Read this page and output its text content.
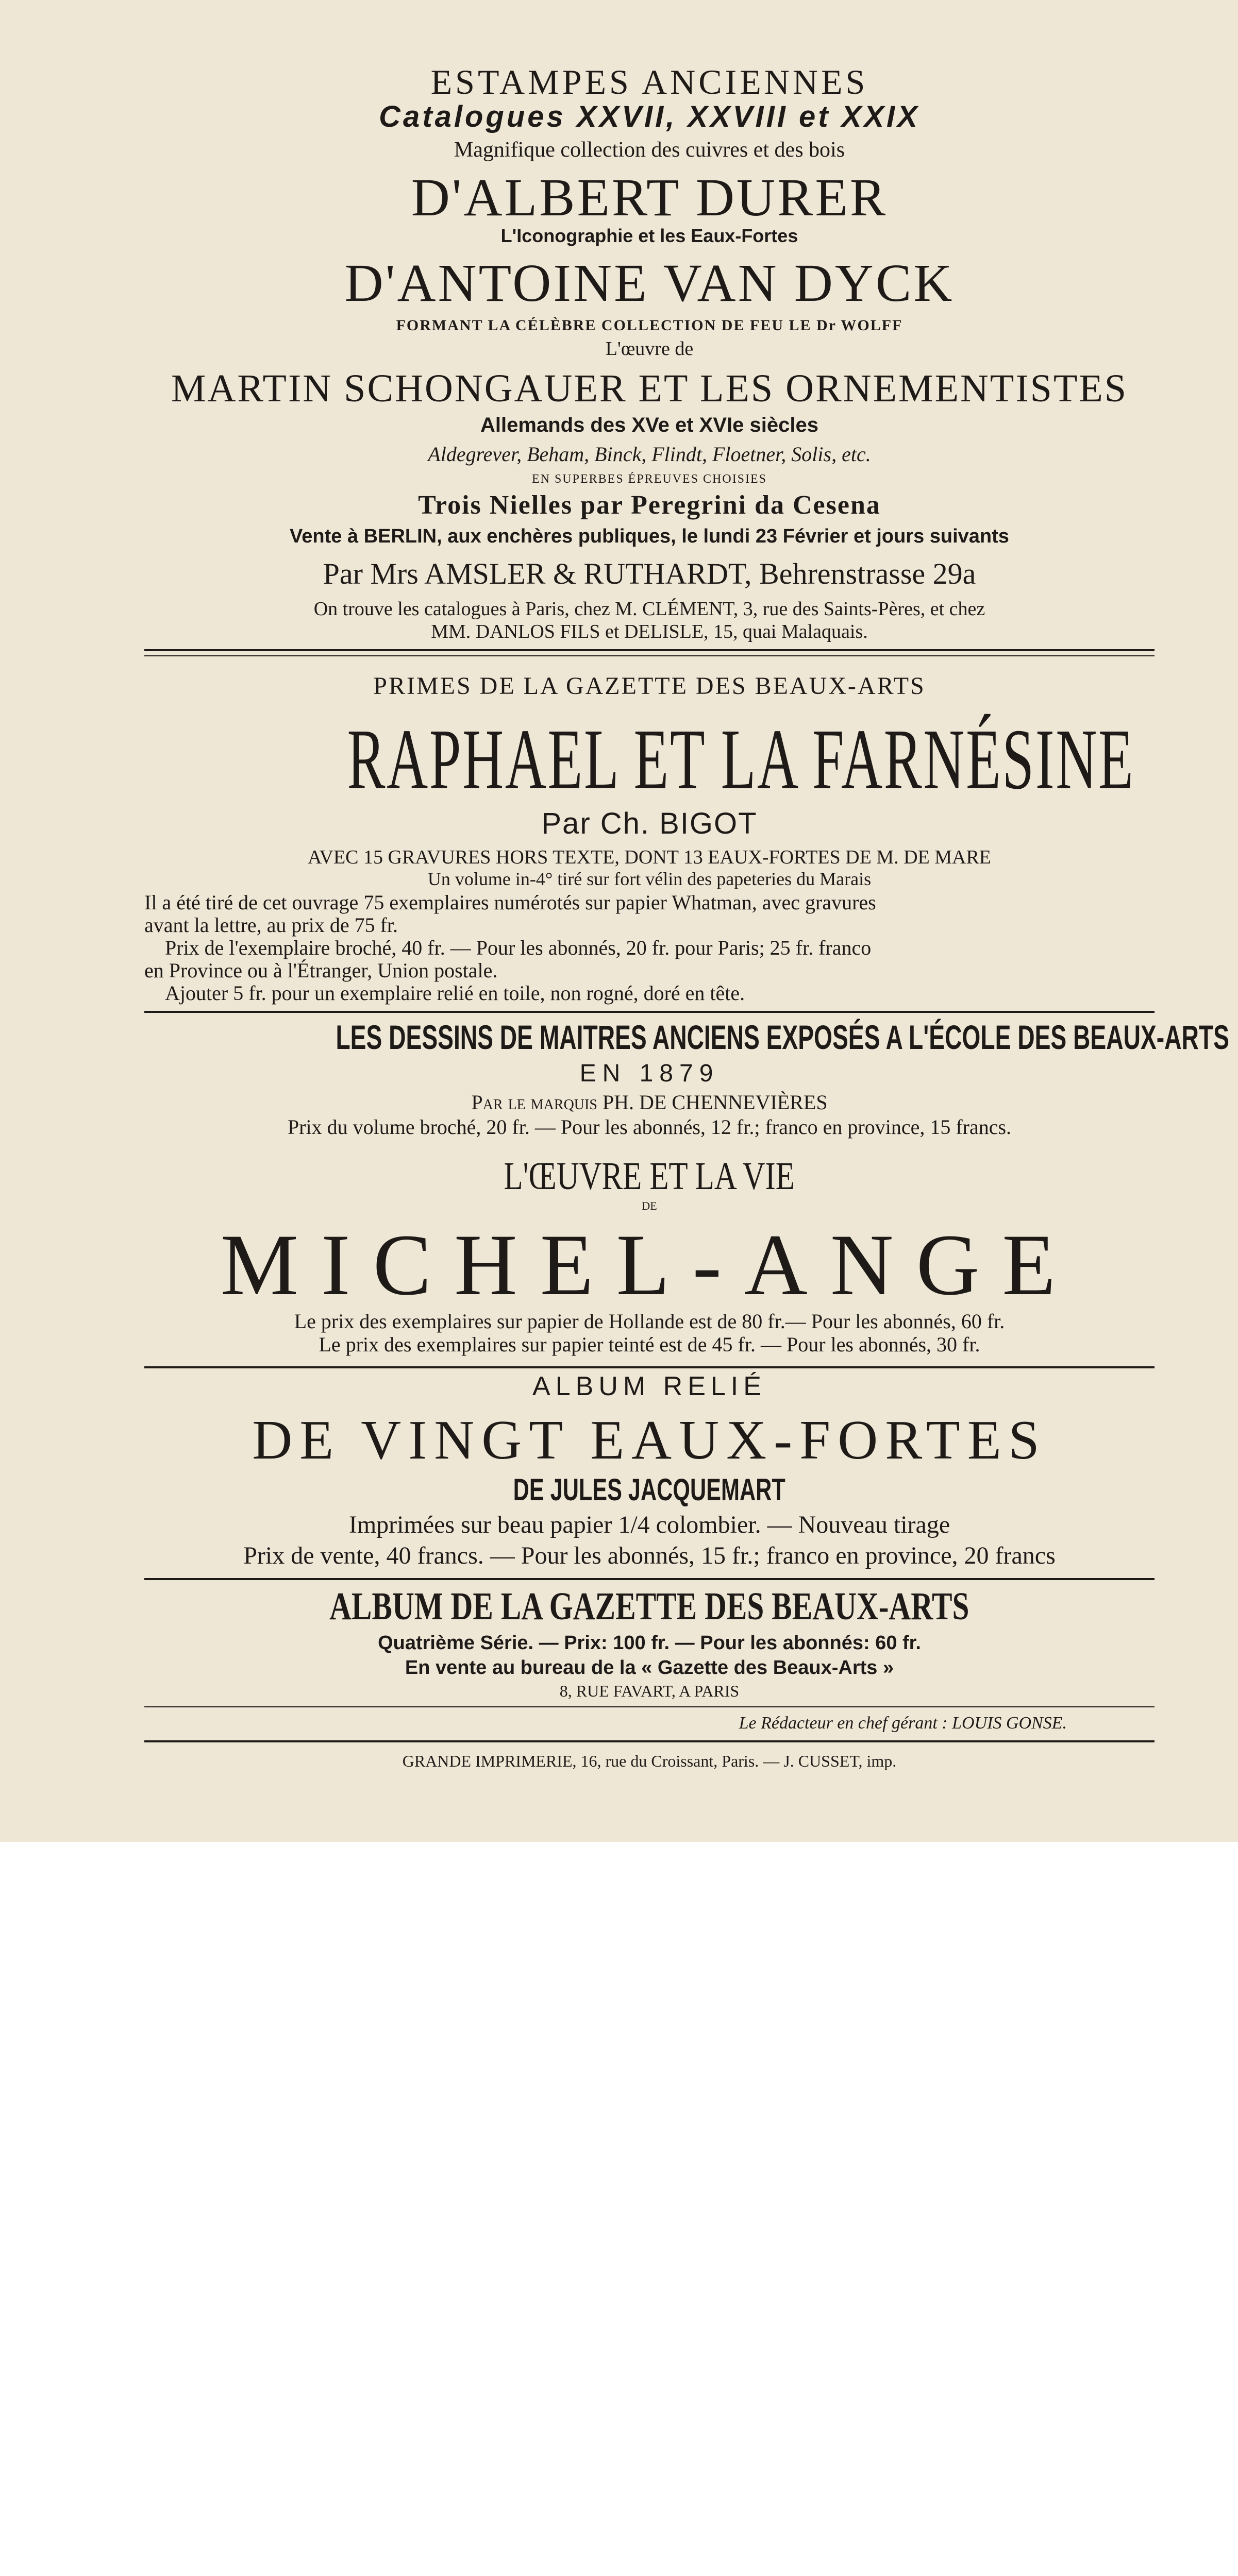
ESTAMPES ANCIENNES
Catalogues XXVII, XXVIII et XXIX
Magnifique collection des cuivres et des bois
D'ALBERT DURER
L'Iconographie et les Eaux-Fortes
D'ANTOINE VAN DYCK
FORMANT LA CÉLÈBRE COLLECTION DE FEU LE Dr WOLFF
L'œuvre de
MARTIN SCHONGAUER ET LES ORNEMENTISTES
Allemands des XVe et XVIe siècles
Aldegrever, Beham, Binck, Flindt, Floetner, Solis, etc.
EN SUPERBES ÉPREUVES CHOISIES
Trois Nielles par Peregrini da Cesena
Vente à BERLIN, aux enchères publiques, le lundi 23 Février et jours suivants
Par Mrs AMSLER & RUTHARDT, Behrenstrasse 29a
On trouve les catalogues à Paris, chez M. CLÉMENT, 3, rue des Saints-Pères, et chez
MM. DANLOS FILS et DELISLE, 15, quai Malaquais.
PRIMES DE LA GAZETTE DES BEAUX-ARTS
RAPHAEL ET LA FARNÉSINE
Par Ch. BIGOT
AVEC 15 GRAVURES HORS TEXTE, DONT 13 EAUX-FORTES DE M. DE MARE
Un volume in-4° tiré sur fort vélin des papeteries du Marais
Il a été tiré de cet ouvrage 75 exemplaires numérotés sur papier Whatman, avec gravures
avant la lettre, au prix de 75 fr.
Prix de l'exemplaire broché, 40 fr. — Pour les abonnés, 20 fr. pour Paris; 25 fr. franco
en Province ou à l'Étranger, Union postale.
Ajouter 5 fr. pour un exemplaire relié en toile, non rogné, doré en tête.
LES DESSINS DE MAITRES ANCIENS EXPOSÉS A L'ÉCOLE DES BEAUX-ARTS
EN 1879
Par le marquis PH. DE CHENNEVIÈRES
Prix du volume broché, 20 fr. — Pour les abonnés, 12 fr.; franco en province, 15 francs.
L'ŒUVRE ET LA VIE
DE
MICHEL-ANGE
Le prix des exemplaires sur papier de Hollande est de 80 fr.— Pour les abonnés, 60 fr.
Le prix des exemplaires sur papier teinté est de 45 fr. — Pour les abonnés, 30 fr.
ALBUM RELIÉ
DE VINGT EAUX-FORTES
DE JULES JACQUEMART
Imprimées sur beau papier 1/4 colombier. — Nouveau tirage
Prix de vente, 40 francs. — Pour les abonnés, 15 fr.; franco en province, 20 francs
ALBUM DE LA GAZETTE DES BEAUX-ARTS
Quatrième Série. — Prix: 100 fr. — Pour les abonnés: 60 fr.
En vente au bureau de la « Gazette des Beaux-Arts »
8, RUE FAVART, A PARIS
Le Rédacteur en chef gérant : LOUIS GONSE.
GRANDE IMPRIMERIE, 16, rue du Croissant, Paris. — J. CUSSET, imp.
